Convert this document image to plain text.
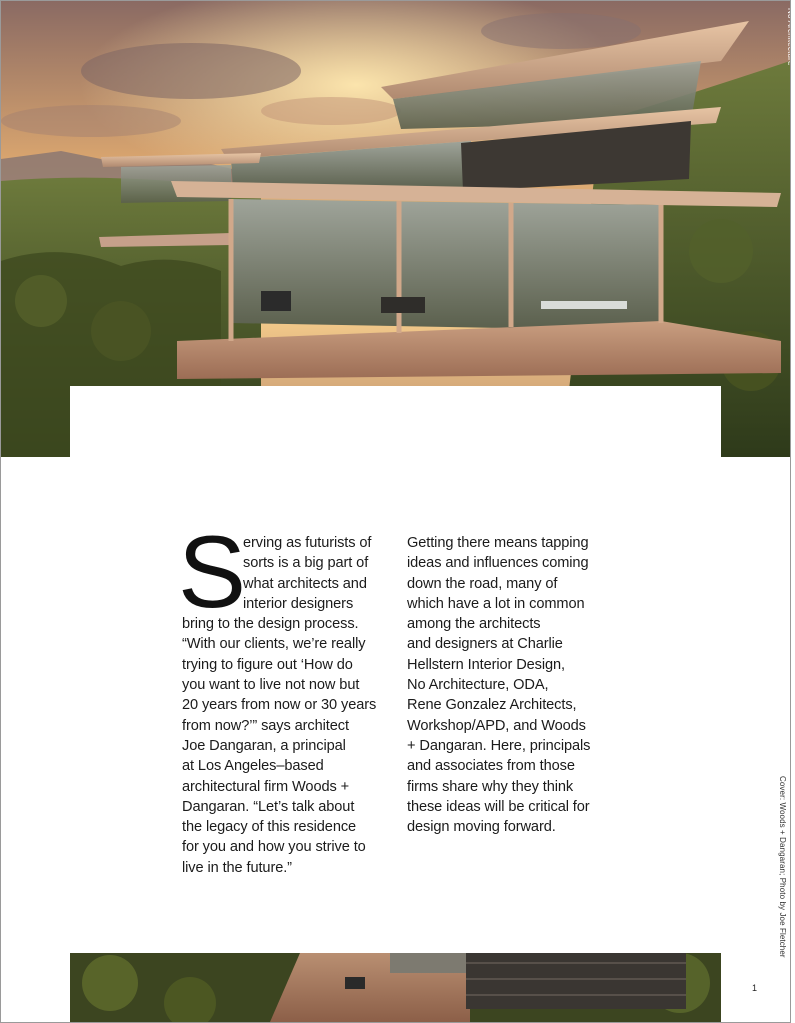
No Architecture
Cover: Woods + Dangaran; Photo by Joe Fletcher
S
erving as futurists of
sorts is a big part of
what architects and
interior designers
bring to the design process.
“With our clients, we’re really
trying to figure out ‘How do
you want to live not now but
20 years from now or 30 years
from now?’” says architect
Joe Dangaran, a principal
at Los Angeles–based
architectural firm Woods +
Dangaran. “Let’s talk about
the legacy of this residence
for you and how you strive to
live in the future.”
Getting there means tapping
ideas and influences coming
down the road, many of
which have a lot in common
among the architects
and designers at Charlie
Hellstern Interior Design,
No Architecture, ODA,
Rene Gonzalez Architects,
Workshop/APD, and Woods
+ Dangaran. Here, principals
and associates from those
firms share why they think
these ideas will be critical for
design moving forward.
1
